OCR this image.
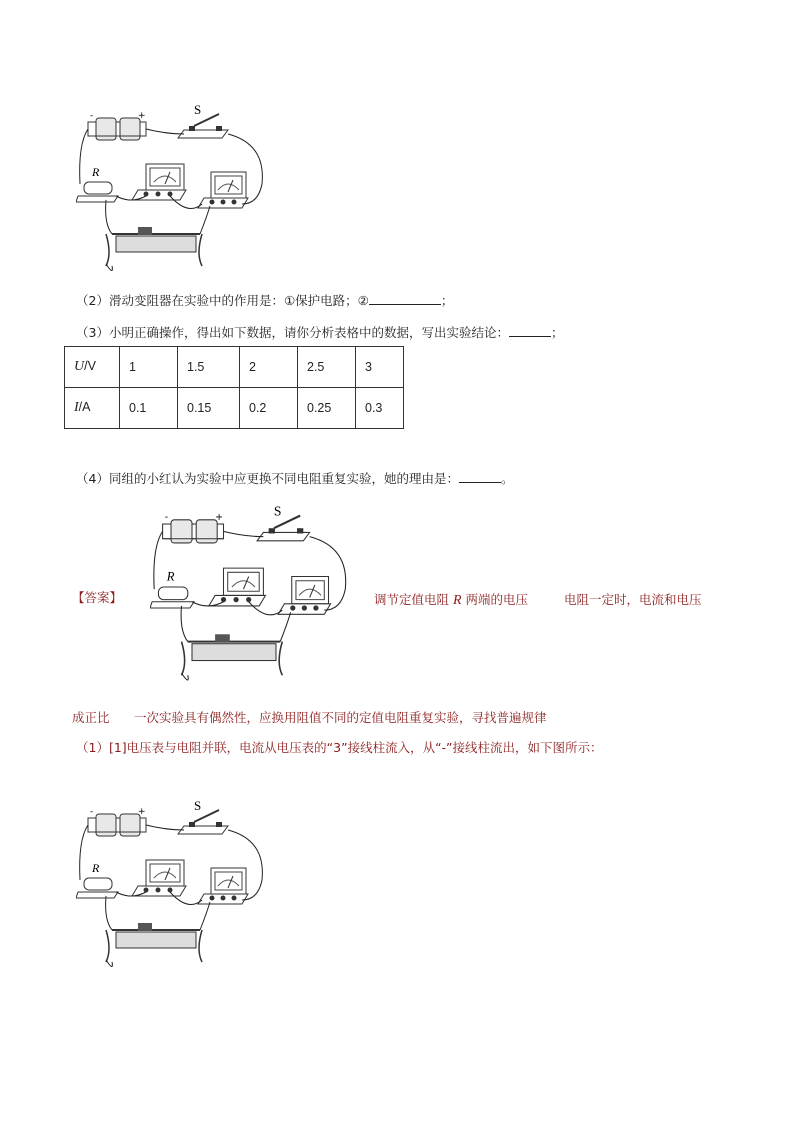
S
R
-	+
（2）滑动变阻器在实验中的作用是：①保护电路；②	；
（3）小明正确操作，得出如下数据，请你分析表格中的数据，写出实验结论：	；
U/V	1	1.5	2	2.5	3
I/A	0.1	0.15	0.2	0.25	0.3
（4）同组的小红认为实验中应更换不同电阻重复实验，她的理由是：	。
S
R
-	+
【答案】	调节定值电阻 R 两端的电压	电阻一定时，电流和电压
成正比 一次实验具有偶然性，应换用阻值不同的定值电阻重复实验，寻找普遍规律
（1）[1]电压表与电阻并联，电流从电压表的“3”接线柱流入，从“-”接线柱流出，如下图所示：
S
R
-	+
